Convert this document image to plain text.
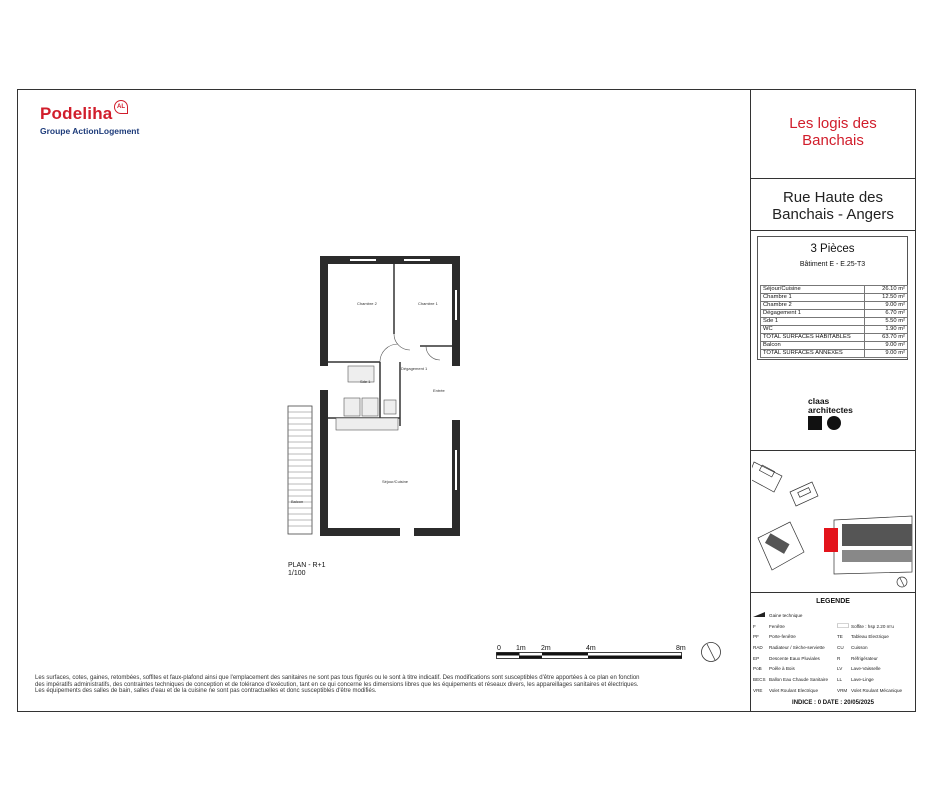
Podeliha AL
Groupe ActionLogement	Les logis des
Banchais
Rue Haute des
Banchais - Angers
3 Pièces
Bâtiment E - E.25-T3
Séjour/Cuisine	26.10 m²
Chambre 1	12.50 m²
Chambre 2	9.00 m²
Dégagement 1	6.70 m²
Sde 1	5.50 m²
WC	1.90 m²
TOTAL SURFACES HABITABLES	63.70 m²
Balcon	9.00 m²
TOTAL SURFACES ANNEXES	9.00 m²
claas
architectes
LEGENDE
Gaine technique
F	Fenêtre	Soffite : hsp 2.20 m'u
PF	Porte-fenêtre	TE	Tableau Electrique
RAD	Radiateur / Sèche-serviette	CU	Cuisson
EP	Descente Eaux Pluviales	R	Réfrigérateur
PoB	Poêle à Bois	LV	Lave-Vaisselle
BECS Ballon Eau Chaude Sanitaire	LL	Lave-Linge
VRE	Volet Roulant Electrique	VRM Volet Roulant Mécanique
INDICE : 0 DATE : 20/05/2025
Chambre 2	Chambre 1
Dégagement 1
Sde 1
Entrée
Séjour/Cuisine
Balcon
PLAN - R+1
1/100
0 1m 2m	4m	8m
Les surfaces, cotes, gaines, retombées, soffites et faux-plafond ainsi que l'emplacement des sanitaires ne sont pas tous figurés ou le sont à titre indicatif. Des modifications sont susceptibles d'être apportées à ce plan en fonction
des impératifs administratifs, des contraintes techniques de conception et de tolérance d'exécution, tant en ce qui concerne les dimensions libres que les équipements et réseaux divers, les appareillages sanitaires et électriques.
Les équipements des salles de bain, salles d'eau et de la cuisine ne sont pas contractuelles et donc susceptibles d'être modifiés.
